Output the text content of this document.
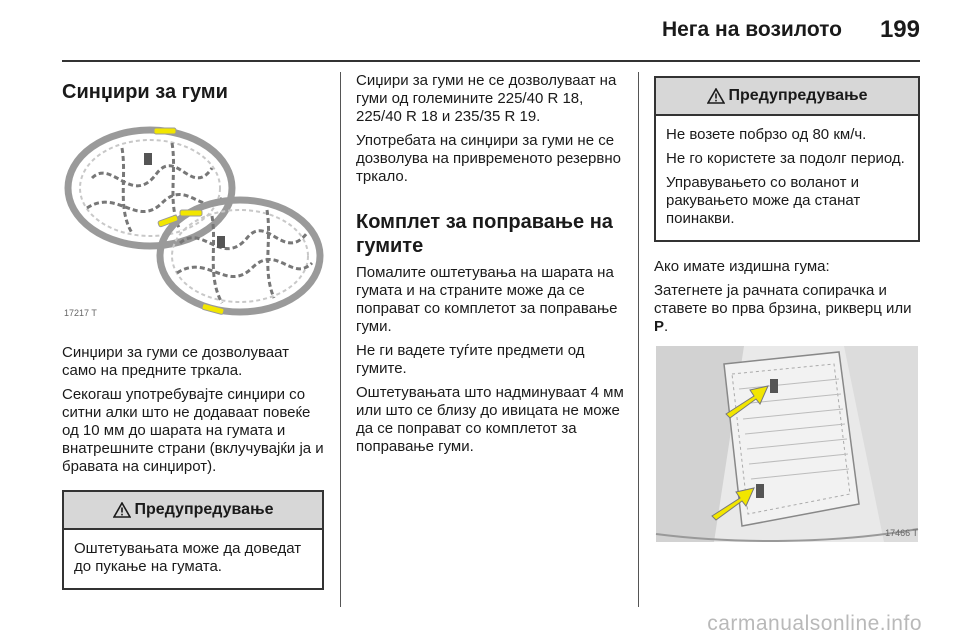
Нега на возилото 199
Синџири за гуми
17217 T

Синџири за гуми се дозволуваат само на предните тркала.

Секогаш употребувајте синџири со ситни алки што не додаваат повеќе од 10 мм до шарата на гумата и внатрешните страни (вклучувајќи ја и бравата на синџирот).

Предупредување

Оштетувањата може да доведат до пукање на гумата.

Сиџири за гуми не се дозволуваат на гуми од големините 225/40 R 18, 225/40 R 18 и 235/35 R 19.

Употребата на синџири за гуми не се дозволува на привременото резервно тркало.

Комплет за поправање на гумите

Помалите оштетувања на шарата на гумата и на страните може да се поправат со комплетот за поправање гуми.

Не ги вадете туѓите предмети од гумите.

Оштетувањата што надминуваат 4 мм или што се близу до ивицата не може да се поправат со комплетот за поправање гуми.

Предупредување

Не возете побрзо од 80 км/ч.

Не го користете за подолг период.

Управувањето со воланот и ракувањето може да станат поинакви.

Ако имате издишна гума:

Затегнете ја рачната сопирачка и ставете во прва брзина, рикверц или P.

17466 T
carmanualsonline.info
